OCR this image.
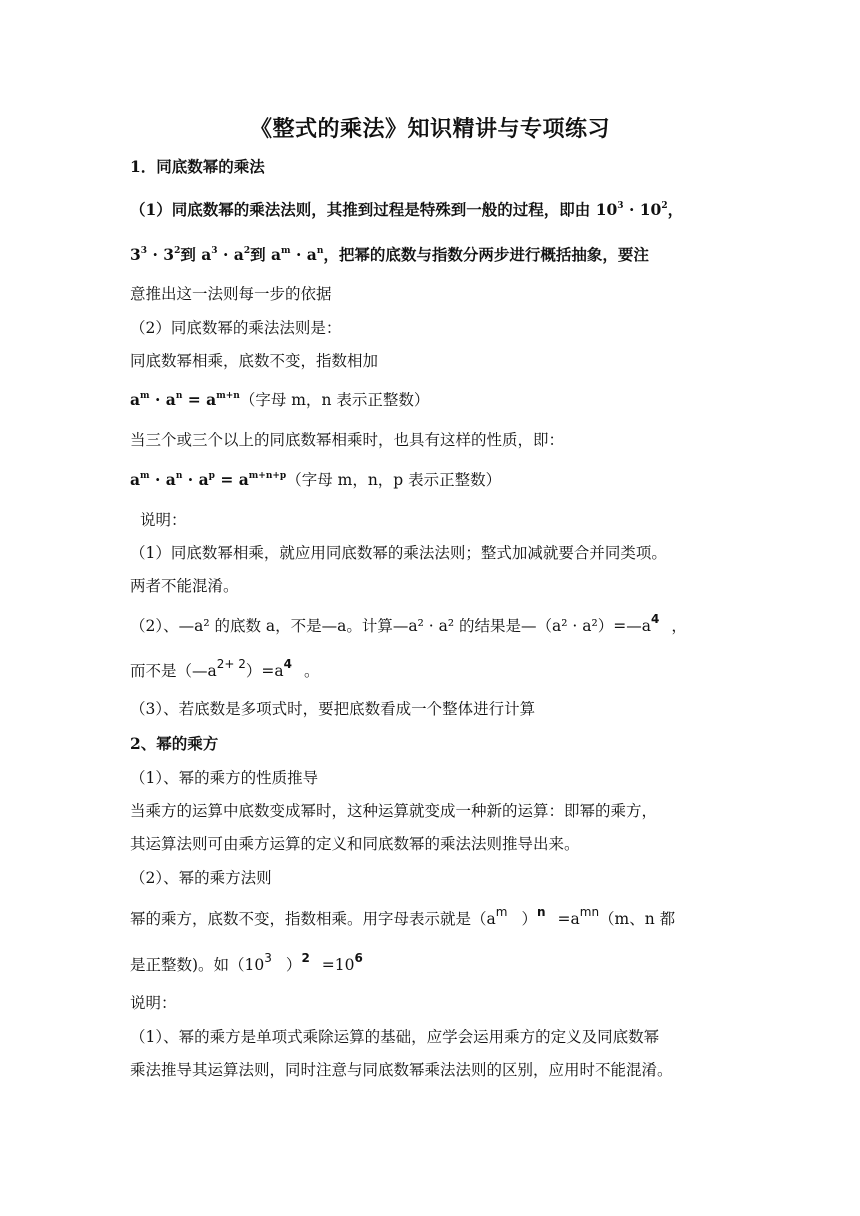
《整式的乘法》知识精讲与专项练习
1．同底数幂的乘法
（1）同底数幂的乘法法则，其推到过程是特殊到一般的过程，即由 $10^3 \cdot 10^2$，
$3^3 \cdot 3^2$到 $a^3 \cdot a^2$到 $a^m \cdot a^n$，把幂的底数与指数分两步进行概括抽象，要注
意推出这一法则每一步的依据
（2）同底数幂的乘法法则是：
同底数幂相乘，底数不变，指数相加
$a^m \cdot a^n = a^{m+n}$（字母 m，n 表示正整数）
当三个或三个以上的同底数幂相乘时，也具有这样的性质，即：
$a^m \cdot a^n \cdot a^p = a^{m+n+p}$（字母 m，n，p 表示正整数）
说明：
（1）同底数幂相乘，就应用同底数幂的乘法法则；整式加减就要合并同类项。
两者不能混淆。
（2）、—a² 的底数 a，不是—a。计算—a² · a² 的结果是—（a² · $a^2)=—a^4$ ，
而不是$(—a^{2+ 2})=a^4$ 。
（3）、若底数是多项式时，要把底数看成一个整体进行计算
2、幂的乘方
（1）、幂的乘方的性质推导
当乘方的运算中底数变成幂时，这种运算就变成一种新的运算：即幂的乘方，
其运算法则可由乘方运算的定义和同底数幂的乘法法则推导出来。
（2）、幂的乘方法则
幂的乘方，底数不变，指数相乘。用字母表示就是（$a^m$ ）$^n =a^{mn}(m$、n 都
是正整数)。如（$10^3$ ）$^2 =10^6$
说明：
（1）、幂的乘方是单项式乘除运算的基础，应学会运用乘方的定义及同底数幂
乘法推导其运算法则，同时注意与同底数幂乘法法则的区别，应用时不能混淆。
